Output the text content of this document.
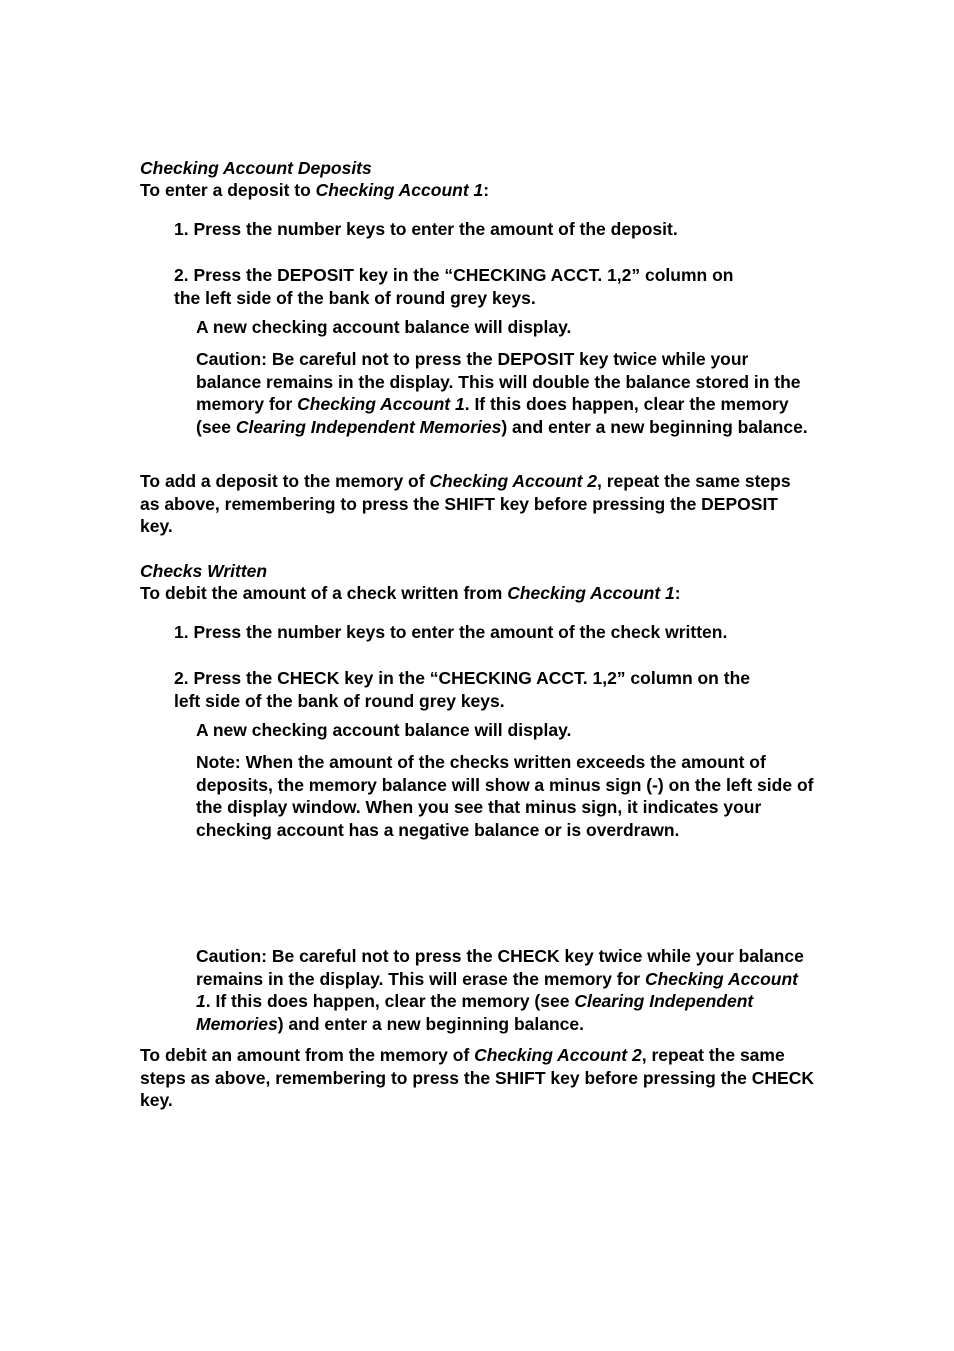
Checking Account Deposits
To enter a deposit to Checking Account 1:
1. Press the number keys to enter the amount of the deposit.
2. Press the DEPOSIT key in the “CHECKING ACCT. 1,2” column on
the left side of the bank of round grey keys.
A new checking account balance will display.
Caution: Be careful not to press the DEPOSIT key twice while your balance remains in the display. This will double the balance stored in the memory for Checking Account 1. If this does happen, clear the memory (see Clearing Independent Memories) and enter a new beginning balance.
To add a deposit to the memory of Checking Account 2, repeat the same steps as above, remembering to press the SHIFT key before pressing the DEPOSIT key.
Checks Written
To debit the amount of a check written from Checking Account 1:
1. Press the number keys to enter the amount of the check written.
2. Press the CHECK key in the “CHECKING ACCT. 1,2” column on the
left side of the bank of round grey keys.
A new checking account balance will display.
Note: When the amount of the checks written exceeds the amount of deposits, the memory balance will show a minus sign (-) on the left side of the display window. When you see that minus sign, it indicates your checking account has a negative balance or is overdrawn.
Caution: Be careful not to press the CHECK key twice while your balance remains in the display. This will erase the memory for Checking Account 1. If this does happen, clear the memory (see Clearing Independent Memories) and enter a new beginning balance.
To debit an amount from the memory of Checking Account 2, repeat the same steps as above, remembering to press the SHIFT key before pressing the CHECK key.
